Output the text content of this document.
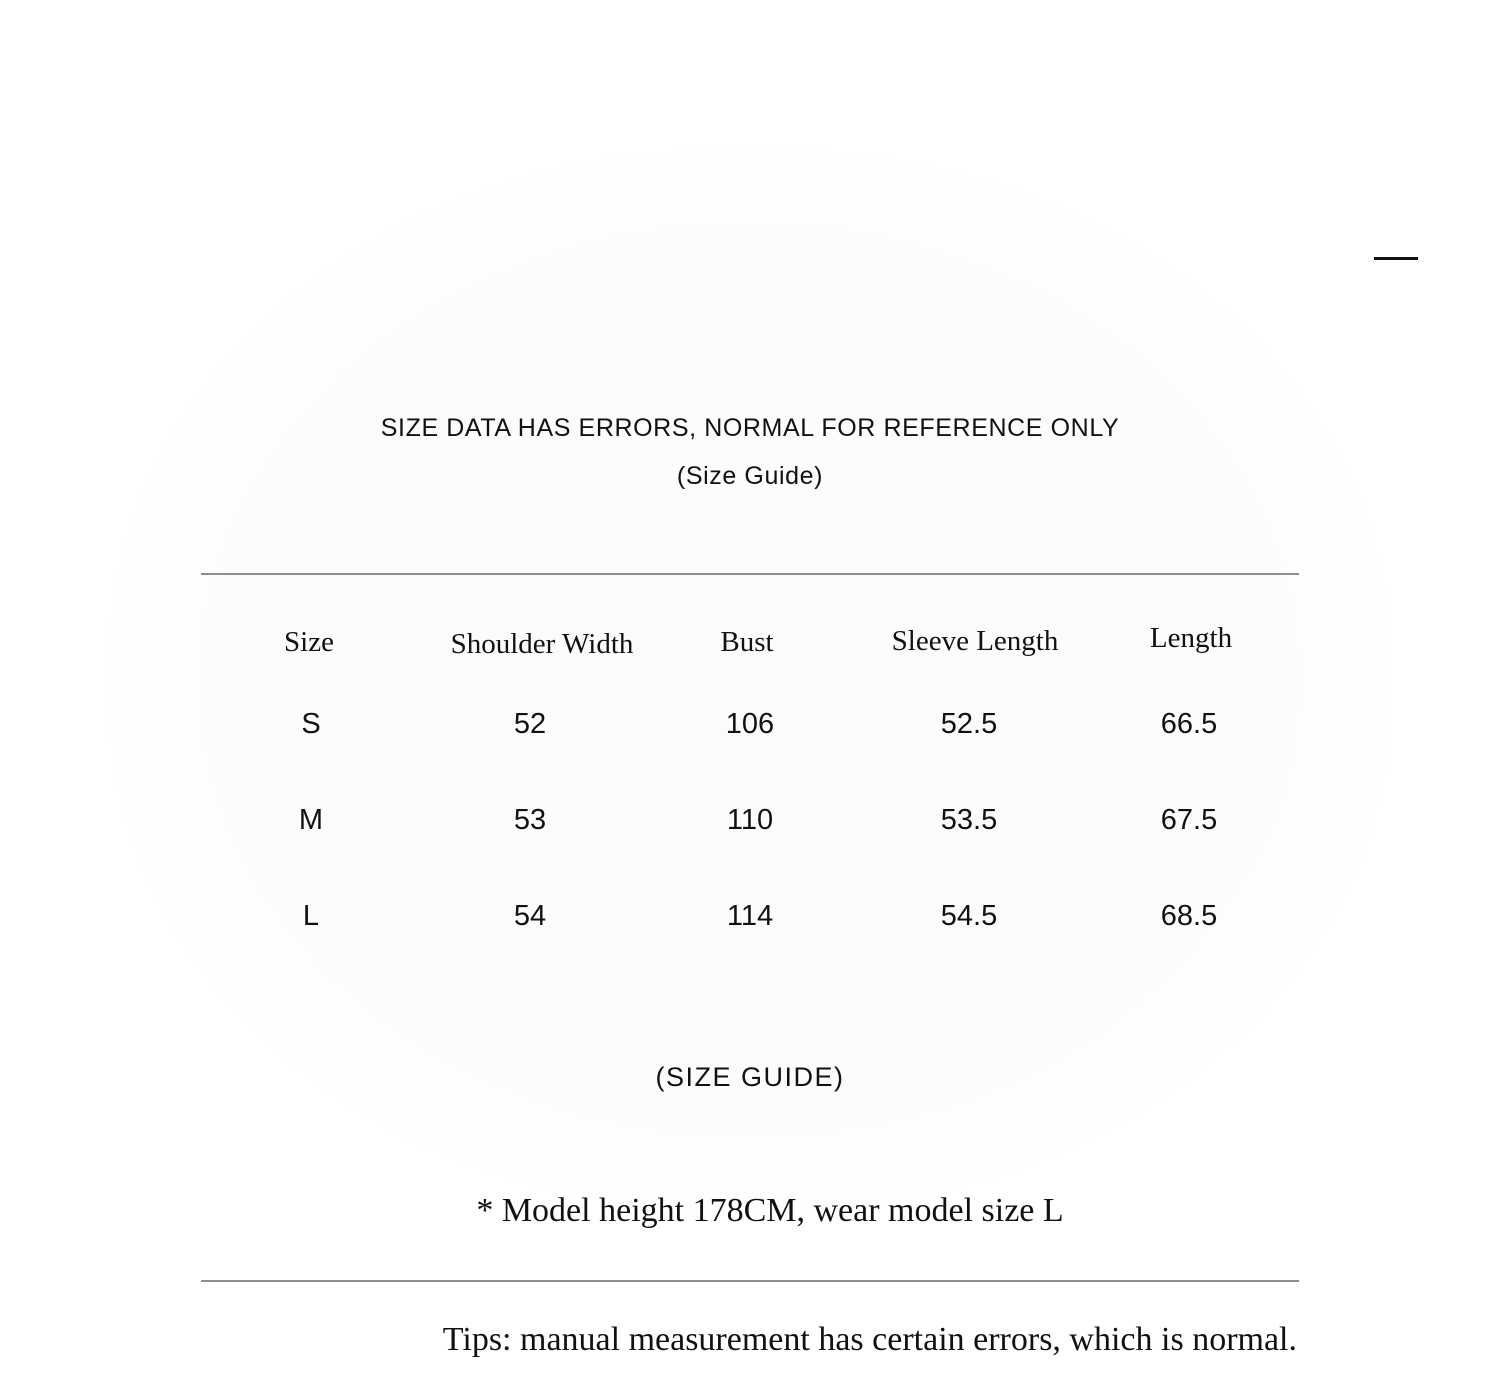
SIZE DATA HAS ERRORS, NORMAL FOR REFERENCE ONLY
(Size Guide)
Size	Shoulder Width	Bust	Sleeve Length	Length
S	52	106	52.5	66.5
M	53	110	53.5	67.5
L	54	114	54.5	68.5
(SIZE GUIDE)
* Model height 178CM, wear model size L
Tips: manual measurement has certain errors, which is normal.
